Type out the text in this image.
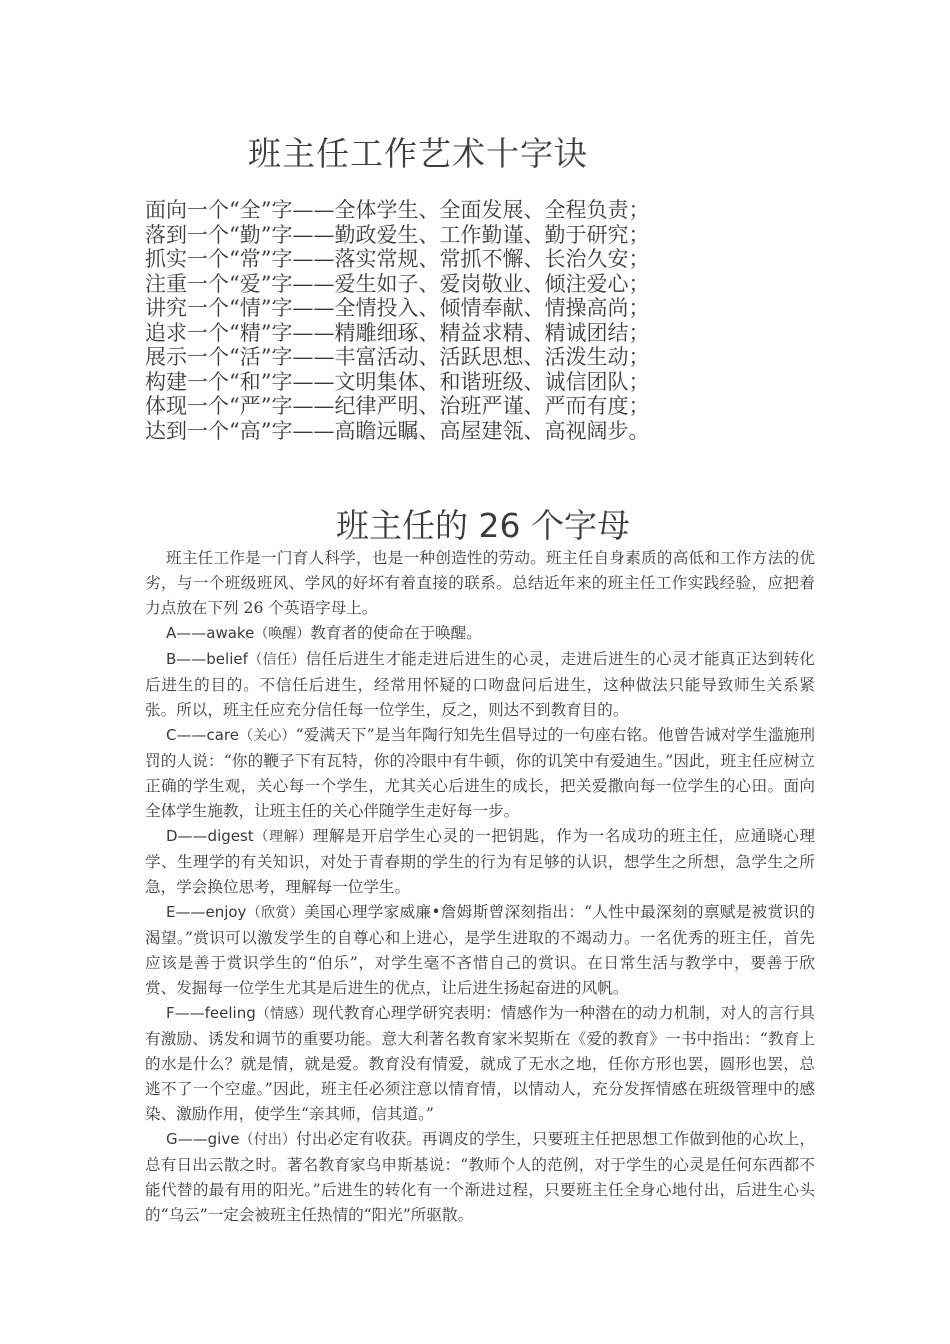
班主任工作艺术十字诀
面向一个“全”字——全体学生、全面发展、全程负责；
落到一个“勤”字——勤政爱生、工作勤谨、勤于研究；
抓实一个“常”字——落实常规、常抓不懈、长治久安；
注重一个“爱”字——爱生如子、爱岗敬业、倾注爱心；
讲究一个“情”字——全情投入、倾情奉献、情操高尚；
追求一个“精”字——精雕细琢、精益求精、精诚团结；
展示一个“活”字——丰富活动、活跃思想、活泼生动；
构建一个“和”字——文明集体、和谐班级、诚信团队；
体现一个“严”字——纪律严明、治班严谨、严而有度；
达到一个“高”字——高瞻远瞩、高屋建瓴、高视阔步。
班主任的 26 个字母

班主任工作是一门育人科学，也是一种创造性的劳动。班主任自身素质的高低和工作方法的优劣，与一个班级班风、学风的好坏有着直接的联系。总结近年来的班主任工作实践经验，应把着力点放在下列 26 个英语字母上。

A——awake（唤醒）教育者的使命在于唤醒。

B——belief（信任）信任后进生才能走进后进生的心灵，走进后进生的心灵才能真正达到转化后进生的目的。不信任后进生，经常用怀疑的口吻盘问后进生，这种做法只能导致师生关系紧张。所以，班主任应充分信任每一位学生，反之，则达不到教育目的。

C——care（关心）“爱满天下”是当年陶行知先生倡导过的一句座右铭。他曾告诫对学生滥施刑罚的人说：“你的鞭子下有瓦特，你的冷眼中有牛顿，你的讥笑中有爱迪生。”因此，班主任应树立正确的学生观，关心每一个学生，尤其关心后进生的成长，把关爱撒向每一位学生的心田。面向全体学生施教，让班主任的关心伴随学生走好每一步。

D——digest（理解）理解是开启学生心灵的一把钥匙，作为一名成功的班主任，应通晓心理学、生理学的有关知识，对处于青春期的学生的行为有足够的认识，想学生之所想，急学生之所急，学会换位思考，理解每一位学生。

E——enjoy（欣赏）美国心理学家威廉•詹姆斯曾深刻指出：“人性中最深刻的禀赋是被赏识的渴望。”赏识可以激发学生的自尊心和上进心，是学生进取的不竭动力。一名优秀的班主任，首先应该是善于赏识学生的“伯乐”，对学生毫不吝惜自己的赏识。在日常生活与教学中，要善于欣赏、发掘每一位学生尤其是后进生的优点，让后进生扬起奋进的风帆。

F——feeling（情感）现代教育心理学研究表明：情感作为一种潜在的动力机制，对人的言行具有激励、诱发和调节的重要功能。意大利著名教育家米契斯在《爱的教育》一书中指出：“教育上的水是什么？就是情，就是爱。教育没有情爱，就成了无水之地，任你方形也罢，圆形也罢，总逃不了一个空虚。”因此，班主任必须注意以情育情，以情动人，充分发挥情感在班级管理中的感染、激励作用，使学生“亲其师，信其道。”

G——give（付出）付出必定有收获。再调皮的学生，只要班主任把思想工作做到他的心坎上，总有日出云散之时。著名教育家乌申斯基说：“教师个人的范例，对于学生的心灵是任何东西都不能代替的最有用的阳光。”后进生的转化有一个渐进过程，只要班主任全身心地付出，后进生心头的“乌云”一定会被班主任热情的“阳光”所驱散。
